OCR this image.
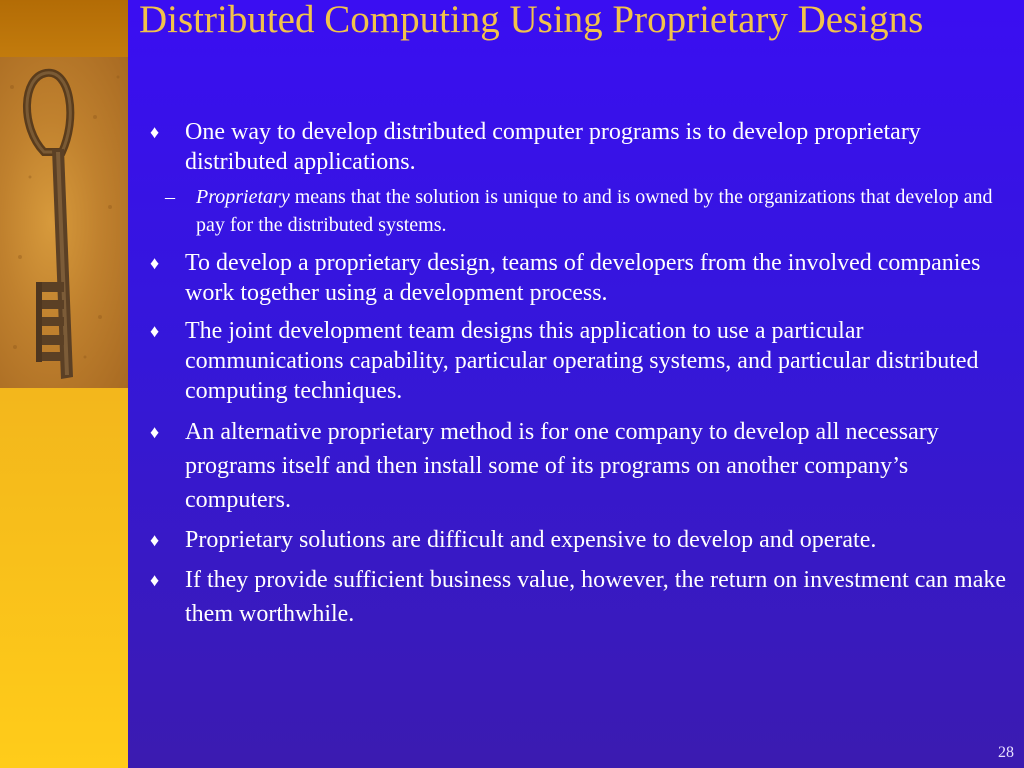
Distributed Computing Using Proprietary Designs
♦ One way to develop distributed computer programs is to develop proprietary distributed applications.
– Proprietary means that the solution is unique to and is owned by the organizations that develop and pay for the distributed systems.
♦ To develop a proprietary design, teams of developers from the involved companies work together using a development process.
♦ The joint development team designs this application to use a particular communications capability, particular operating systems, and particular distributed computing techniques.
♦ An alternative proprietary method is for one company to develop all necessary programs itself and then install some of its programs on another company’s computers.
♦ Proprietary solutions are difficult and expensive to develop and operate.
♦ If they provide sufficient business value, however, the return on investment can make them worthwhile.
28
